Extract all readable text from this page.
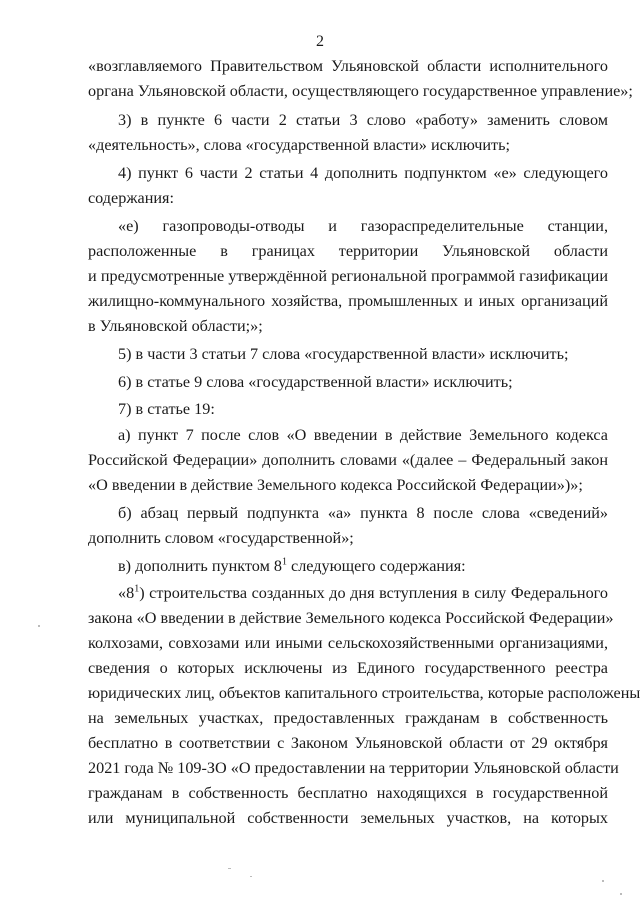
2
«возглавляемого Правительством Ульяновской области исполнительного
органа Ульяновской области, осуществляющего государственное управление»;
3) в пункте 6 части 2 статьи 3 слово «работу» заменить словом
«деятельность», слова «государственной власти» исключить;
4) пункт 6 части 2 статьи 4 дополнить подпунктом «е» следующего
содержания:
«е) газопроводы-отводы и газораспределительные станции,
расположенные в границах территории Ульяновской области
и предусмотренные утверждённой региональной программой газификации
жилищно-коммунального хозяйства, промышленных и иных организаций
в Ульяновской области;»;
5) в части 3 статьи 7 слова «государственной власти» исключить;
6) в статье 9 слова «государственной власти» исключить;
7) в статье 19:
а) пункт 7 после слов «О введении в действие Земельного кодекса
Российской Федерации» дополнить словами «(далее – Федеральный закон
«О введении в действие Земельного кодекса Российской Федерации»)»;
б) абзац первый подпункта «а» пункта 8 после слова «сведений»
дополнить словом «государственной»;
в) дополнить пунктом $8^1$ следующего содержания:
«$8^1$) строительства созданных до дня вступления в силу Федерального
закона «О введении в действие Земельного кодекса Российской Федерации»
колхозами, совхозами или иными сельскохозяйственными организациями,
сведения о которых исключены из Единого государственного реестра
юридических лиц, объектов капитального строительства, которые расположены
на земельных участках, предоставленных гражданам в собственность
бесплатно в соответствии с Законом Ульяновской области от 29 октября
2021 года № 109-ЗО «О предоставлении на территории Ульяновской области
гражданам в собственность бесплатно находящихся в государственной
или муниципальной собственности земельных участков, на которых
